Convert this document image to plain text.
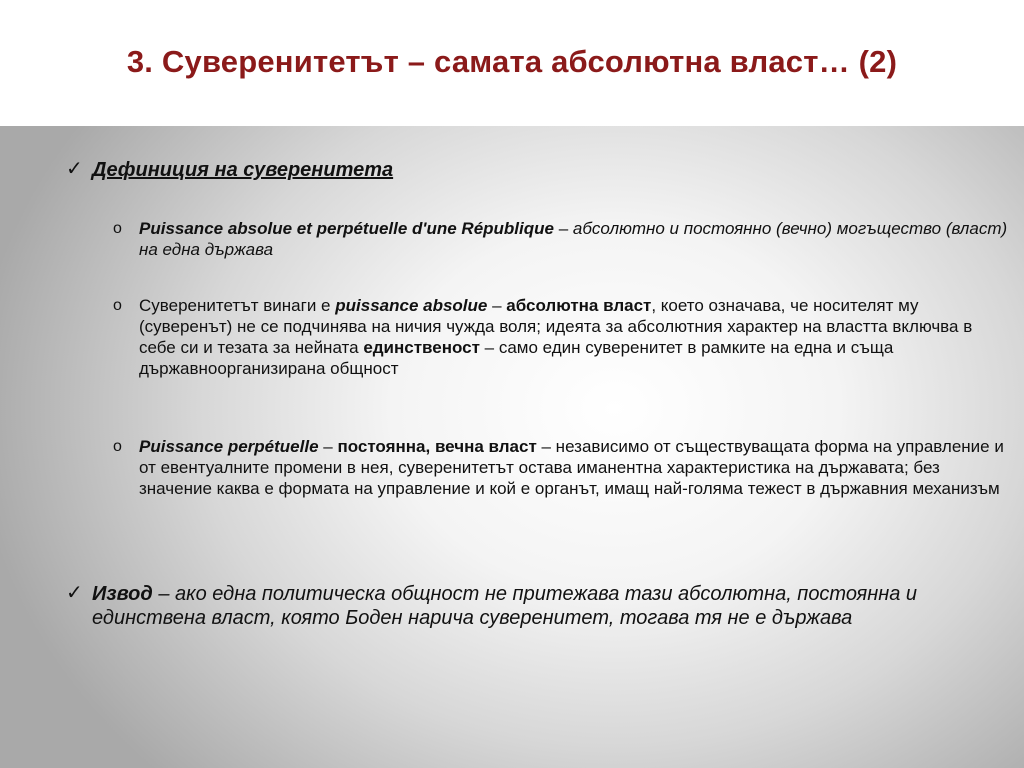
3. Суверенитетът – самата абсолютна власт… (2)
✓ Дефиниция на суверенитета
o Puissance absolue et perpétuelle d'une République – абсолютно и постоянно (вечно) могъщество (власт) на една държава
o Суверенитетът винаги е puissance absolue – абсолютна власт, което означава, че носителят му (суверенът) не се подчинява на ничия чужда воля; идеята за абсолютния характер на властта включва в себе си и тезата за нейната единственост – само един суверенитет в рамките на една и съща държавноорганизирана общност
o Puissance perpétuelle – постоянна, вечна власт – независимо от съществуващата форма на управление и от евентуалните промени в нея, суверенитетът остава иманентна характеристика на държавата; без значение каква е формата на управление и кой е органът, имащ най-голяма тежест в държавния механизъм
✓ Извод – ако една политическа общност не притежава тази абсолютна, постоянна и единствена власт, която Боден нарича суверенитет, тогава тя не е държава
